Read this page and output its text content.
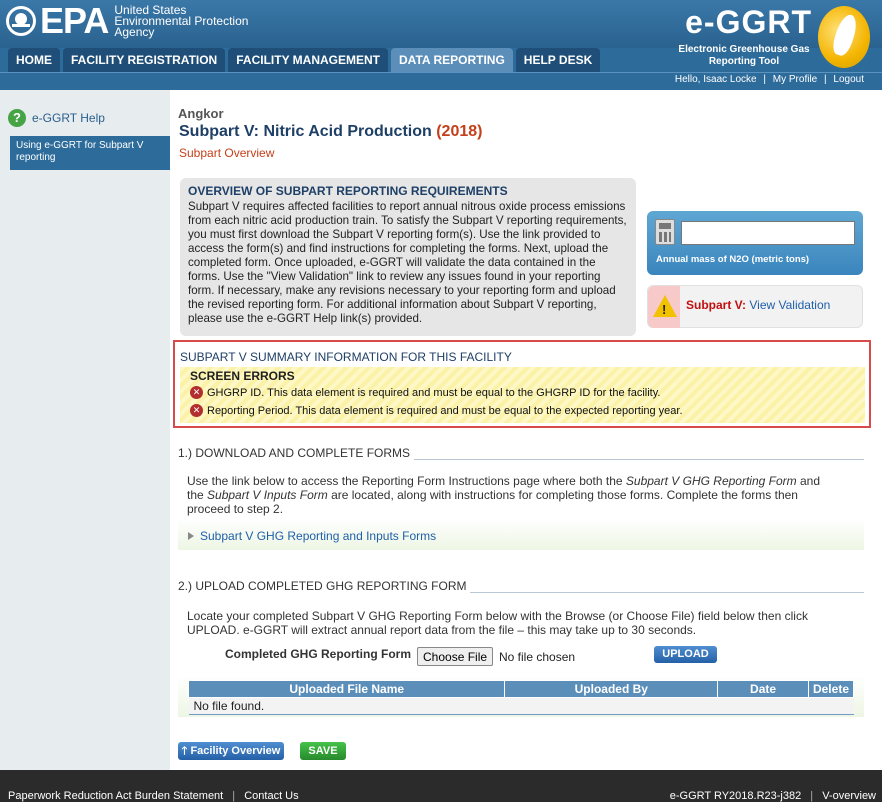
EPA United States
Environmental Protection
Agency	e-GGRT
Electronic Greenhouse Gas Reporting Tool
HOME	FACILITY REGISTRATION	FACILITY MANAGEMENT	DATA REPORTING	HELP DESK
Hello, Isaac Locke | My Profile | Logout
? e-GGRT Help
Using e-GGRT for Subpart V reporting
Angkor
Subpart V: Nitric Acid Production (2018)
Subpart Overview
OVERVIEW OF SUBPART REPORTING REQUIREMENTS
Subpart V requires affected facilities to report annual nitrous oxide process emissions from each nitric acid production train. To satisfy the Subpart V reporting requirements, you must first download the Subpart V reporting form(s). Use the link provided to access the form(s) and find instructions for completing the forms. Next, upload the completed form. Once uploaded, e-GGRT will validate the data contained in the forms. Use the "View Validation" link to review any issues found in your reporting form. If necessary, make any revisions necessary to your reporting form and upload the revised reporting form. For additional information about Subpart V reporting, please use the e-GGRT Help link(s) provided.
Annual mass of N2O (metric tons)
! Subpart V: View Validation
SUBPART V SUMMARY INFORMATION FOR THIS FACILITY
SCREEN ERRORS
✕ GHGRP ID. This data element is required and must be equal to the GHGRP ID for the facility.
✕ Reporting Period. This data element is required and must be equal to the expected reporting year.
1.) DOWNLOAD AND COMPLETE FORMS
Use the link below to access the Reporting Form Instructions page where both the Subpart V GHG Reporting Form and the Subpart V Inputs Form are located, along with instructions for completing those forms. Complete the forms then proceed to step 2.
Subpart V GHG Reporting and Inputs Forms
2.) UPLOAD COMPLETED GHG REPORTING FORM
Locate your completed Subpart V GHG Reporting Form below with the Browse (or Choose File) field below then click UPLOAD. e-GGRT will extract annual report data from the file – this may take up to 30 seconds.
Completed GHG Reporting Form	Choose File No file chosen	UPLOAD
Uploaded File Name	Uploaded By	Date	Delete
No file found.
🡑 Facility Overview	SAVE
Paperwork Reduction Act Burden Statement | Contact Us	e-GGRT RY2018.R23-j382 | V-overview
